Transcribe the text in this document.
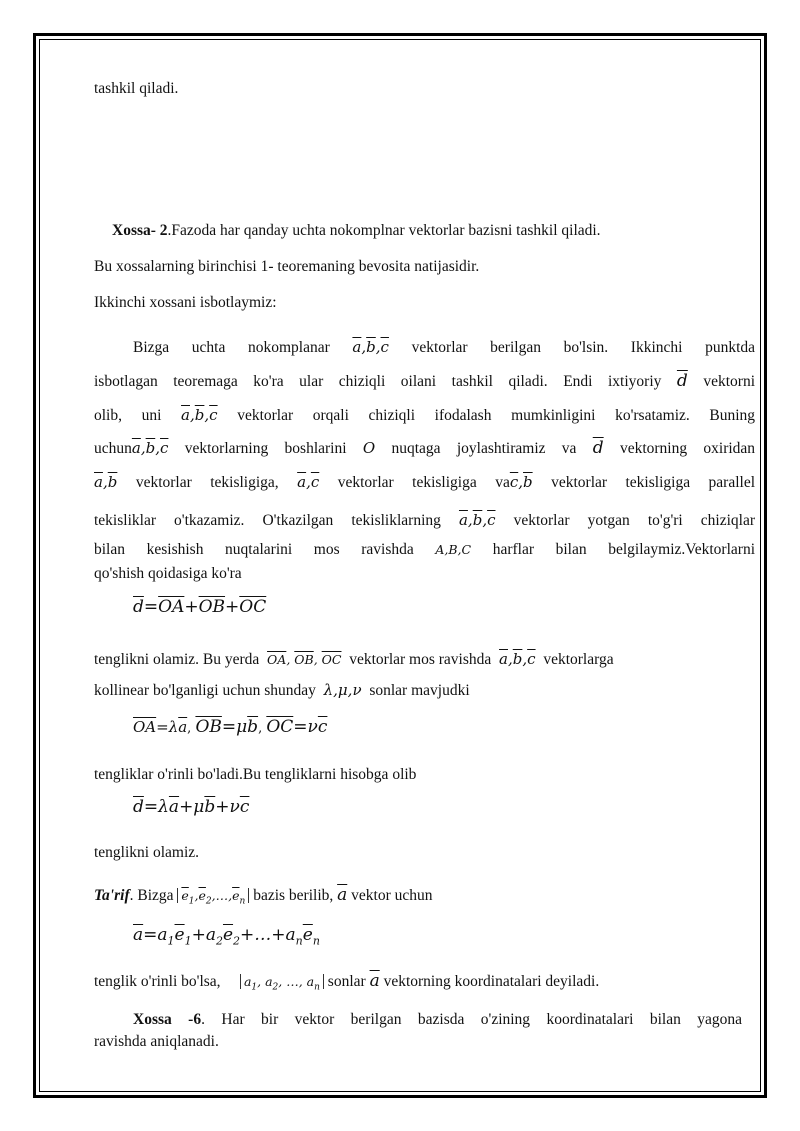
tashkil qiladi.
Xossa- 2.Fazoda har qanday uchta nokomplnar vektorlar bazisni tashkil qiladi.
Bu xossalarning birinchisi 1- teoremaning bevosita natijasidir.
Ikkinchi xossani isbotlaymiz:
Bizga uchta nokomplanar $\overline{a},\overline{b},\overline{c}$ vektorlar berilgan bo'lsin. Ikkinchi punktda
isbotlagan teoremaga ko'ra ular chiziqli oilani tashkil qiladi. Endi ixtiyoriy $\overline{d}$ vektorni
olib, uni $\overline{a},\overline{b},\overline{c}$ vektorlar orqali chiziqli ifodalash mumkinligini ko'rsatamiz. Buning
$uchun\overline{a},\overline{b},\overline{c}$ vektorlarning boshlarini O nuqtaga joylashtiramiz va $\overline{d}$ vektorning oxiridan
$\overline{a},\overline{b}$ vektorlar tekisligiga, $\overline{a},\overline{c}$ vektorlar tekisligiga $va\overline{c},\overline{b}$ vektorlar tekisligiga parallel
tekisliklar o'tkazamiz. O'tkazilgan tekisliklarning $\overline{a},\overline{b},\overline{c}$ vektorlar yotgan to'g'ri chiziqlar
bilan kesishish nuqtalarini mos ravishda A,B,C harflar bilan belgilaymiz.Vektorlarni
qo'shish qoidasiga ko'ra
$\overline{d}=\overline{OA}+\overline{OB}+\overline{OC}$
tenglikni olamiz. Bu yerda $\overline{OA}$, $\overline{OB}$, $\overline{OC}$ vektorlar mos ravishda $\overline{a},\overline{b},\overline{c}$ vektorlarga
kollinear bo'lganligi uchun shunday λ,μ,ν sonlar mavjudki
$\overline{OA}=\lambda\overline{a}$, $\overline{OB}=\mu\overline{b}$, $\overline{OC}=\nu\overline{c}$
tengliklar o'rinli bo'ladi.Bu tengliklarni hisobga olib
$\overline{d}=\lambda\overline{a}+\mu\overline{b}+\nu\overline{c}$
tenglikni olamiz.
Ta'rif. Bizga $\overline{e}_1,\overline{e}_2,\dots,\overline{e}_n$ bazis berilib, $\overline{a}$ vektor uchun
$\overline{a}=a_1\overline{e}_1+a_2\overline{e}_2+\dots+a_n\overline{e}_n$
tenglik o'rinli bo'lsa, $a_1$, $a_2$, …, $a_n$ sonlar $\overline{a}$ vektorning koordinatalari deyiladi.
Xossa -6. Har bir vektor berilgan bazisda o'zining koordinatalari bilan yagona
ravishda aniqlanadi.
